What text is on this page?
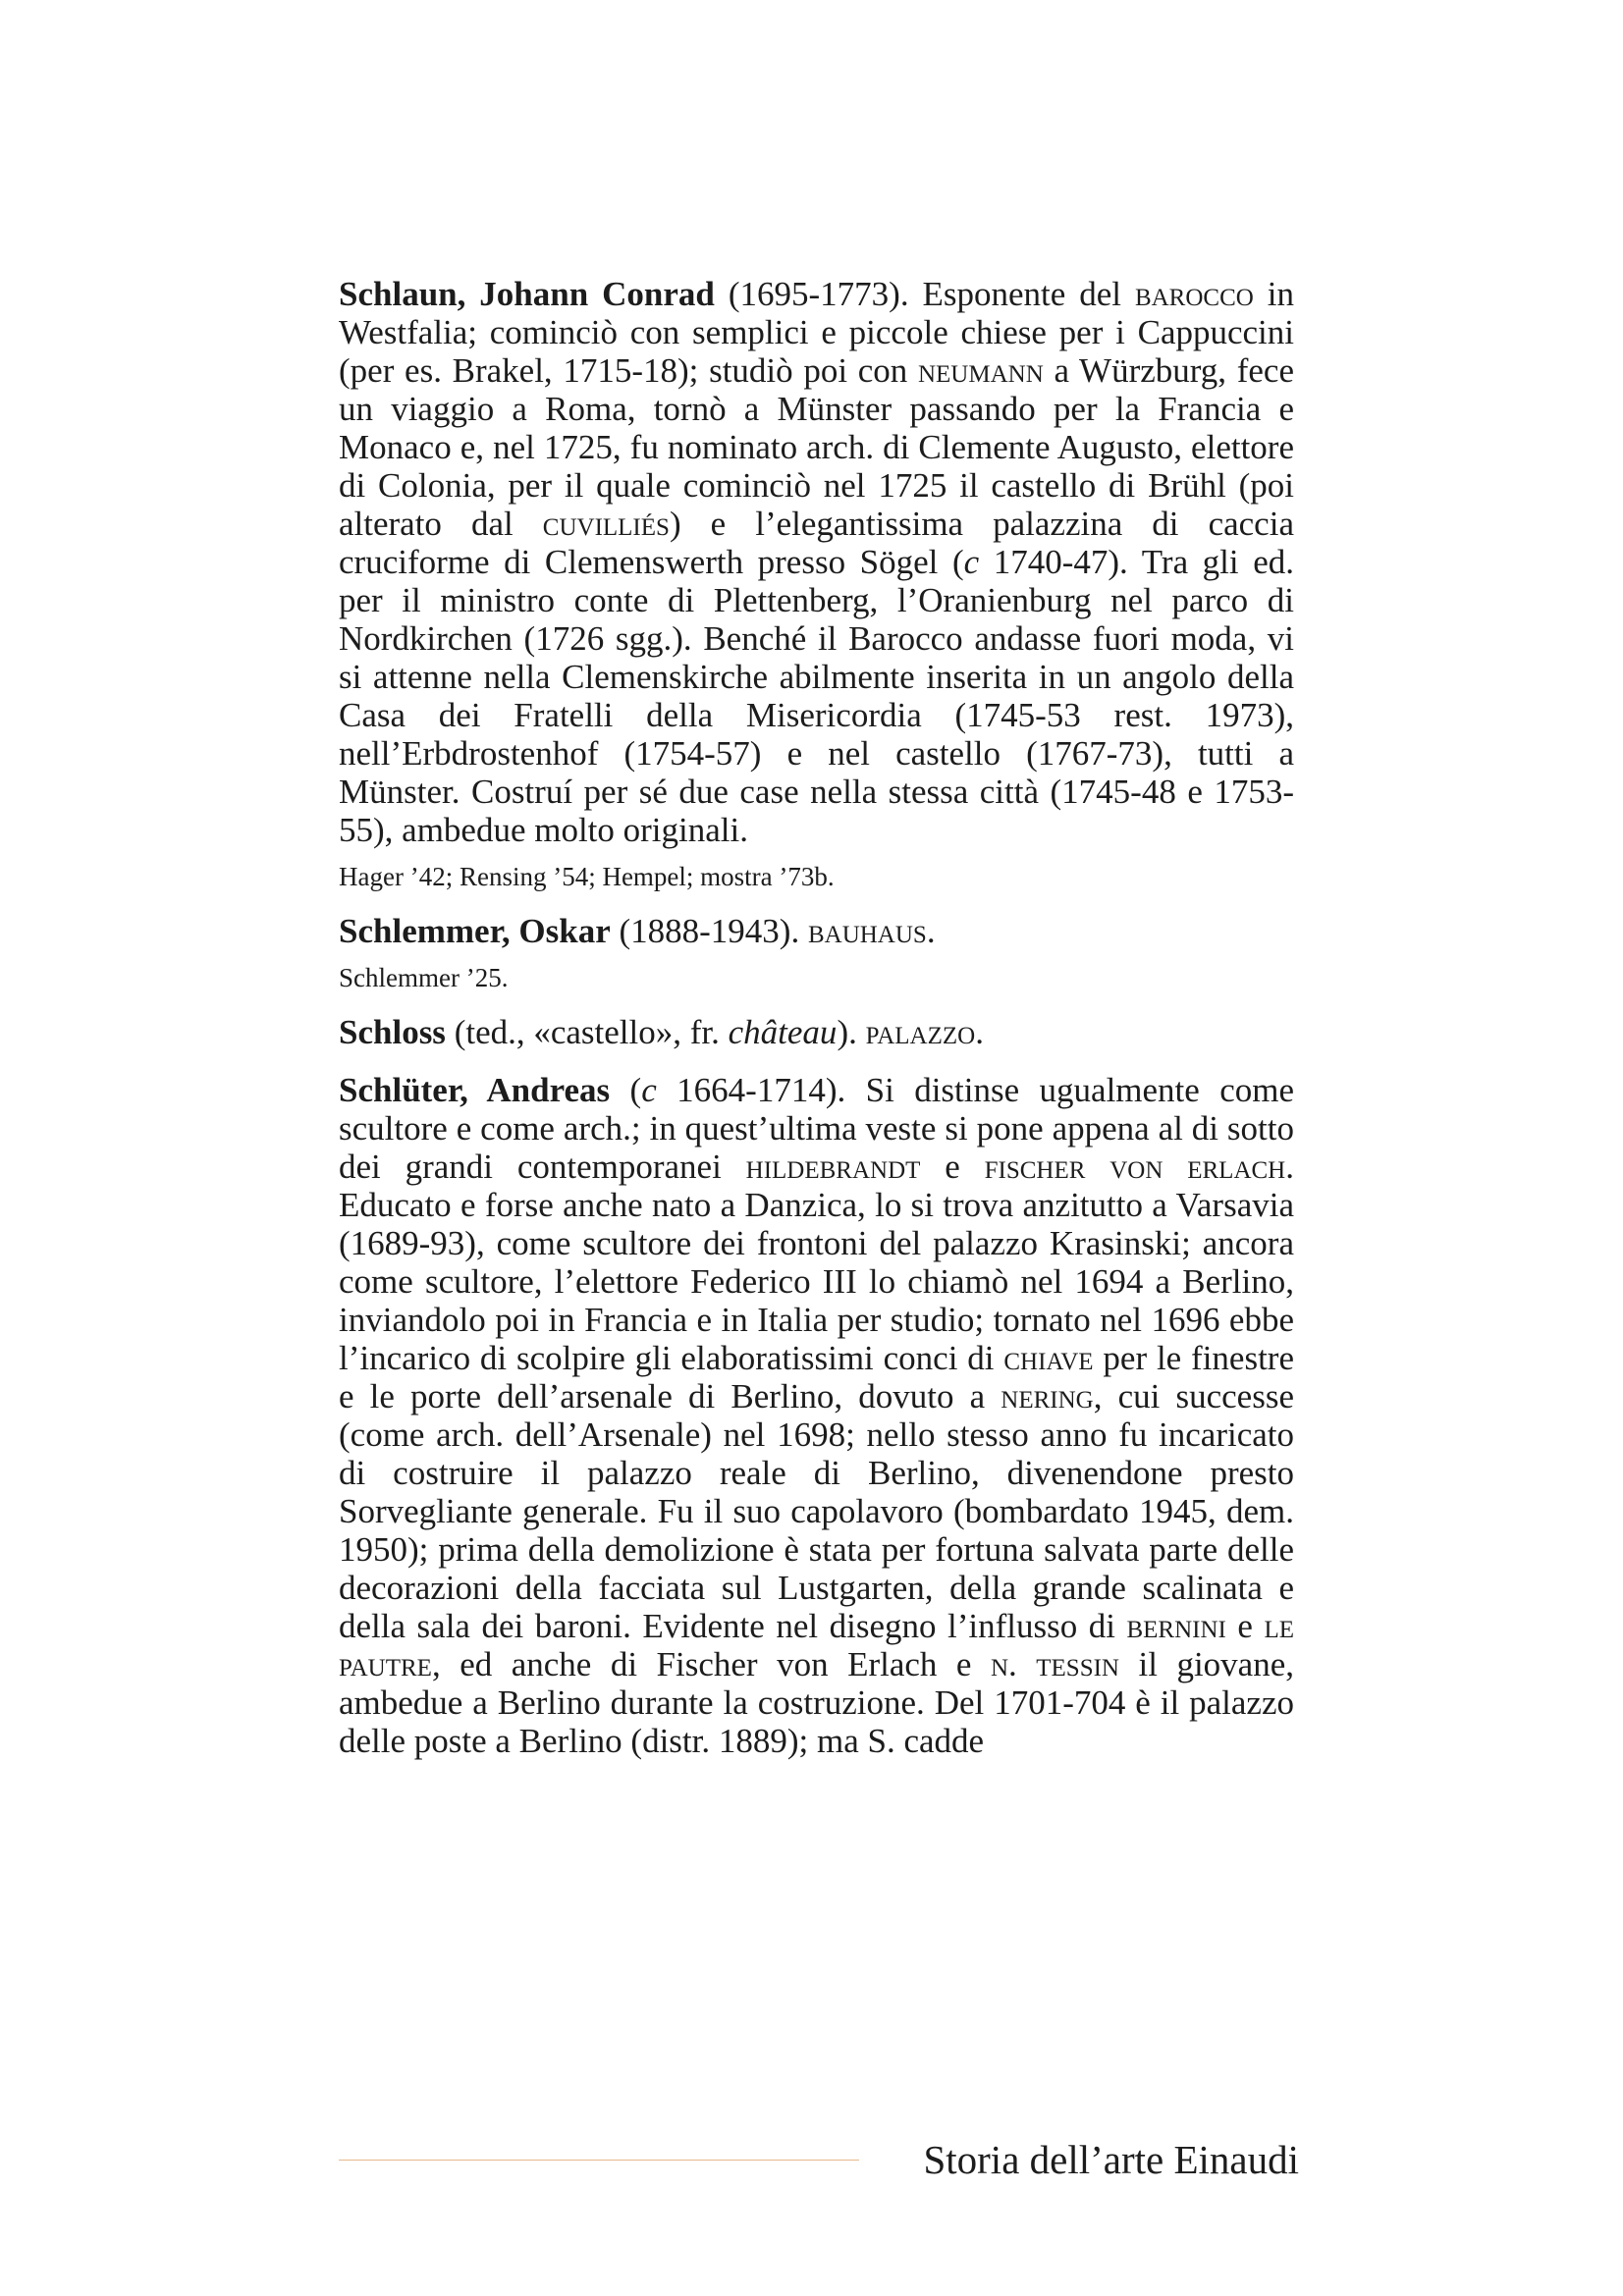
Schlaun, Johann Conrad (1695-1773). Esponente del barocco in Westfalia; cominciò con semplici e piccole chiese per i Cappuccini (per es. Brakel, 1715-18); studiò poi con neumann a Würzburg, fece un viaggio a Roma, tornò a Münster passando per la Francia e Monaco e, nel 1725, fu nominato arch. di Clemente Augusto, elettore di Colonia, per il quale cominciò nel 1725 il castello di Brühl (poi alterato dal cuvilliés) e l’elegantissima palazzina di caccia cruciforme di Clemenswerth presso Sögel (c 1740-47). Tra gli ed. per il ministro conte di Plettenberg, l’Oranienburg nel parco di Nordkirchen (1726 sgg.). Benché il Barocco andasse fuori moda, vi si attenne nella Clemenskirche abilmente inserita in un angolo della Casa dei Fratelli della Misericordia (1745-53 rest. 1973), nell’Erbdrostenhof (1754-57) e nel castello (1767-73), tutti a Münster. Costruí per sé due case nella stessa città (1745-48 e 1753-55), ambedue molto originali.

Hager ’42; Rensing ’54; Hempel; mostra ’73b.

Schlemmer, Oskar (1888-1943). bauhaus.

Schlemmer ’25.

Schloss (ted., «castello», fr. château). palazzo.

Schlüter, Andreas (c 1664-1714). Si distinse ugualmente come scultore e come arch.; in quest’ultima veste si pone appena al di sotto dei grandi contemporanei hildebrandt e fischer von erlach. Educato e forse anche nato a Danzica, lo si trova anzitutto a Varsavia (1689-93), come scultore dei frontoni del palazzo Krasinski; ancora come scultore, l’elettore Federico III lo chiamò nel 1694 a Berlino, inviandolo poi in Francia e in Italia per studio; tornato nel 1696 ebbe l’incarico di scolpire gli elaboratissimi conci di chiave per le finestre e le porte dell’arsenale di Berlino, dovuto a nering, cui successe (come arch. dell’Arsenale) nel 1698; nello stesso anno fu incaricato di costruire il palazzo reale di Berlino, divenendone presto Sorvegliante generale. Fu il suo capolavoro (bombardato 1945, dem. 1950); prima della demolizione è stata per fortuna salvata parte delle decorazioni della facciata sul Lustgarten, della grande scalinata e della sala dei baroni. Evidente nel disegno l’influsso di bernini e le pautre, ed anche di Fischer von Erlach e n. tessin il giovane, ambedue a Berlino durante la costruzione. Del 1701-704 è il palazzo delle poste a Berlino (distr. 1889); ma S. cadde

Storia dell’arte Einaudi
